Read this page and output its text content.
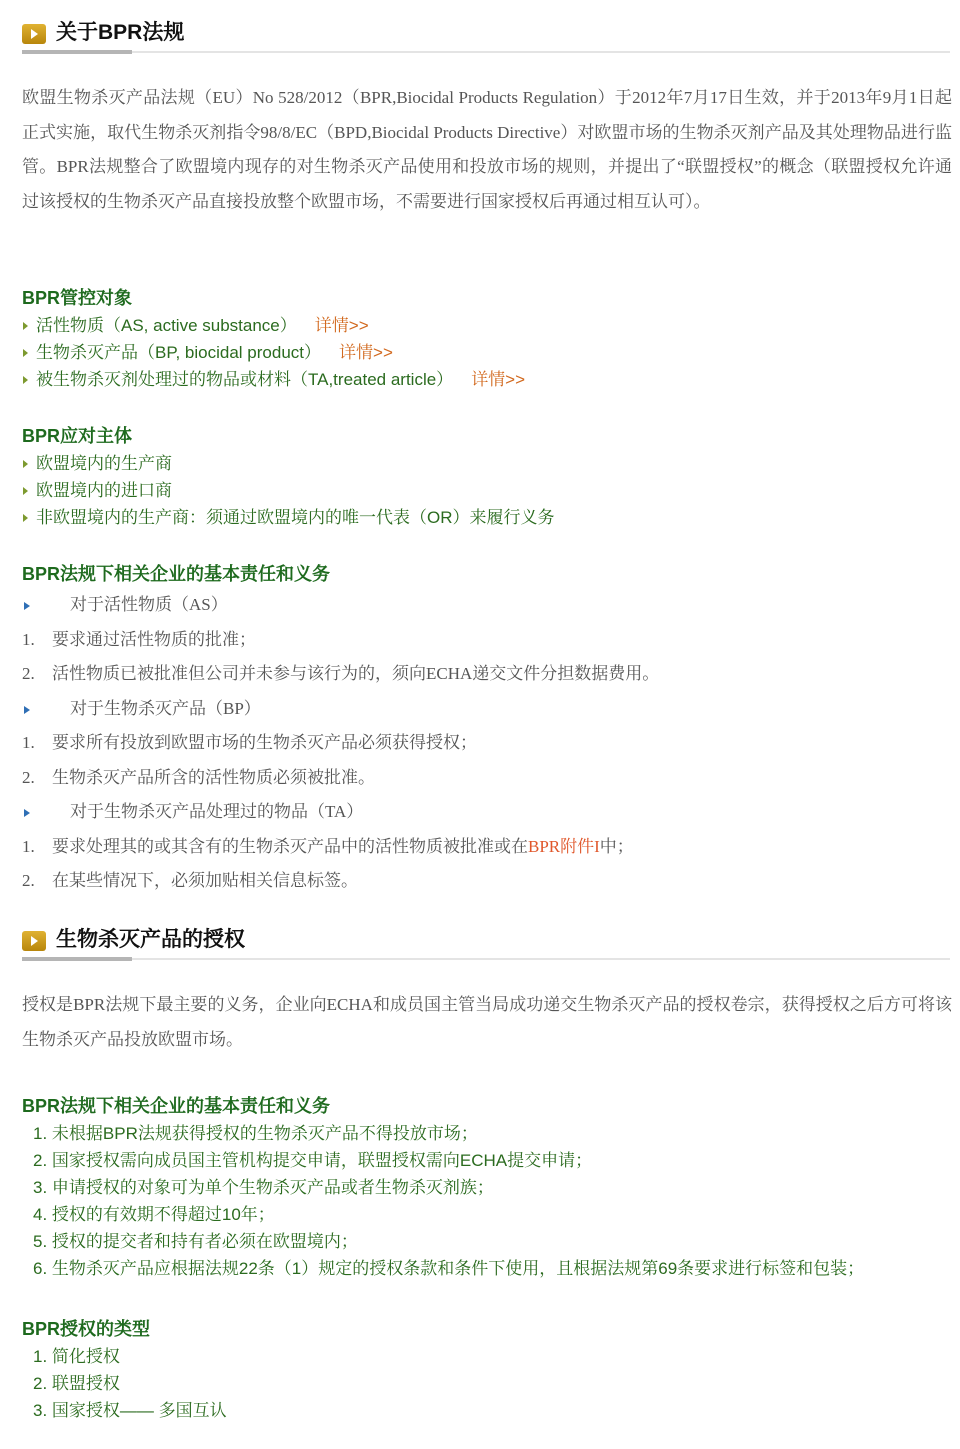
关于BPR法规

欧盟生物杀灭产品法规（EU）No 528/2012（BPR,Biocidal Products Regulation）于2012年7月17日生效，并于2013年9月1日起正式实施，取代生物杀灭剂指令98/8/EC（BPD,Biocidal Products Directive）对欧盟市场的生物杀灭剂产品及其处理物品进行监管。BPR法规整合了欧盟境内现存的对生物杀灭产品使用和投放市场的规则，并提出了“联盟授权”的概念（联盟授权允许通过该授权的生物杀灭产品直接投放整个欧盟市场，不需要进行国家授权后再通过相互认可）。

BPR管控对象
活性物质（AS, active substance） 详情>>
生物杀灭产品（BP, biocidal product） 详情>>
被生物杀灭剂处理过的物品或材料（TA,treated article） 详情>>
BPR应对主体
欧盟境内的生产商
欧盟境内的进口商
非欧盟境内的生产商：须通过欧盟境内的唯一代表（OR）来履行义务
BPR法规下相关企业的基本责任和义务
对于活性物质（AS）
1. 要求通过活性物质的批准；
2. 活性物质已被批准但公司并未参与该行为的，须向ECHA递交文件分担数据费用。
对于生物杀灭产品（BP）
1. 要求所有投放到欧盟市场的生物杀灭产品必须获得授权；
2. 生物杀灭产品所含的活性物质必须被批准。
对于生物杀灭产品处理过的物品（TA）
1. 要求处理其的或其含有的生物杀灭产品中的活性物质被批准或在BPR附件I中；
2. 在某些情况下，必须加贴相关信息标签。
生物杀灭产品的授权

授权是BPR法规下最主要的义务，企业向ECHA和成员国主管当局成功递交生物杀灭产品的授权卷宗，获得授权之后方可将该生物杀灭产品投放欧盟市场。

BPR法规下相关企业的基本责任和义务
1. 未根据BPR法规获得授权的生物杀灭产品不得投放市场；
2. 国家授权需向成员国主管机构提交申请，联盟授权需向ECHA提交申请；
3. 申请授权的对象可为单个生物杀灭产品或者生物杀灭剂族；
4. 授权的有效期不得超过10年；
5. 授权的提交者和持有者必须在欧盟境内；
6. 生物杀灭产品应根据法规22条（1）规定的授权条款和条件下使用，且根据法规第69条要求进行标签和包装；
BPR授权的类型
1. 简化授权
2. 联盟授权
3. 国家授权—— 多国互认
